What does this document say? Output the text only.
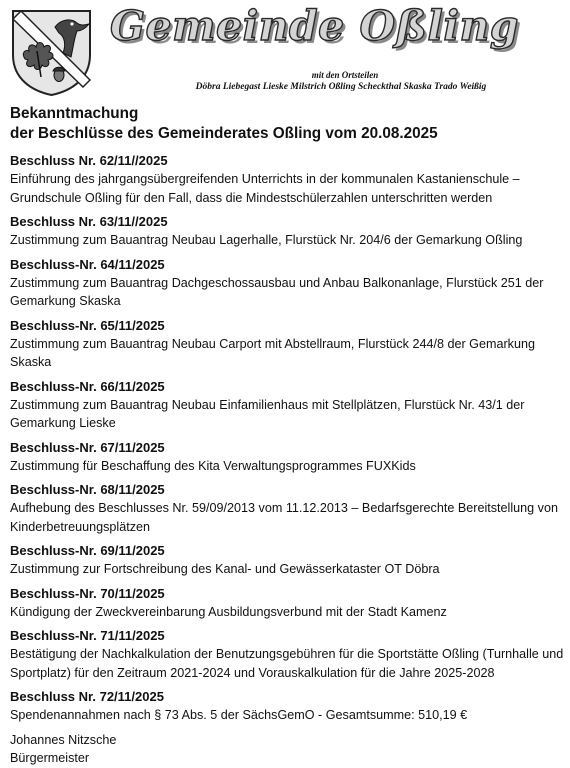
Gemeinde Oßling
mit den Ortsteilen
Döbra Liebegast Lieske Milstrich Oßling Scheckthal Skaska Trado Weißig
Bekanntmachung
der Beschlüsse des Gemeinderates Oßling vom 20.08.2025
Beschluss Nr. 62/11//2025
Einführung des jahrgangsübergreifenden Unterrichts in der kommunalen Kastanienschule – Grundschule Oßling für den Fall, dass die Mindestschülerzahlen unterschritten werden
Beschluss Nr. 63/11//2025
Zustimmung zum Bauantrag Neubau Lagerhalle, Flurstück Nr. 204/6 der Gemarkung Oßling
Beschluss-Nr. 64/11/2025
Zustimmung zum Bauantrag Dachgeschossausbau und Anbau Balkonanlage, Flurstück 251 der Gemarkung Skaska
Beschluss-Nr. 65/11/2025
Zustimmung zum Bauantrag Neubau Carport mit Abstellraum, Flurstück 244/8 der Gemarkung Skaska
Beschluss-Nr. 66/11/2025
Zustimmung zum Bauantrag Neubau Einfamilienhaus mit Stellplätzen, Flurstück Nr. 43/1 der Gemarkung Lieske
Beschluss-Nr. 67/11/2025
Zustimmung für Beschaffung des Kita Verwaltungsprogrammes FUXKids
Beschluss-Nr. 68/11/2025
Aufhebung des Beschlusses Nr. 59/09/2013 vom 11.12.2013 – Bedarfsgerechte Bereitstellung von Kinderbetreuungsplätzen
Beschluss-Nr. 69/11/2025
Zustimmung zur Fortschreibung des Kanal- und Gewässerkataster OT Döbra
Beschluss-Nr. 70/11/2025
Kündigung der Zweckvereinbarung Ausbildungsverbund mit der Stadt Kamenz
Beschluss-Nr. 71/11/2025
Bestätigung der Nachkalkulation der Benutzungsgebühren für die Sportstätte Oßling (Turnhalle und Sportplatz) für den Zeitraum 2021-2024 und Vorauskalkulation für die Jahre 2025-2028
Beschluss Nr. 72/11/2025
Spendenannahmen nach § 73 Abs. 5 der SächsGemO - Gesamtsumme: 510,19 €
Johannes Nitzsche
Bürgermeister
